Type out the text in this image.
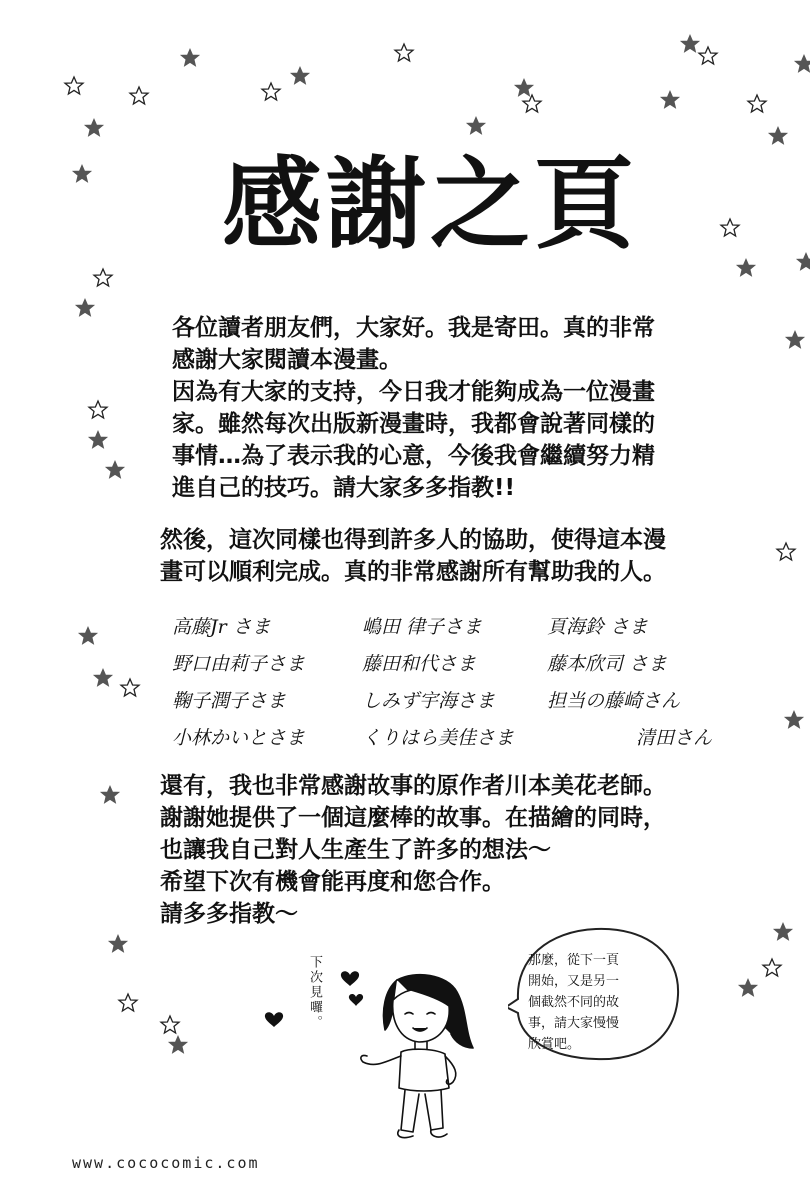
感謝之頁
各位讀者朋友們，大家好。我是寄田。真的非常
感謝大家閱讀本漫畫。
因為有大家的支持，今日我才能夠成為一位漫畫
家。雖然每次出版新漫畫時，我都會說著同樣的
事情…為了表示我的心意，今後我會繼續努力精
進自己的技巧。請大家多多指教!!
然後，這次同樣也得到許多人的協助，使得這本漫
畫可以順利完成。真的非常感謝所有幫助我的人。
高藤Jr さま	嶋田 律子さま	頁海鈴 さま
野口由莉子さま	藤田和代さま	藤本欣司 さま
鞠子潤子さま	しみず宇海さま	担当の藤崎さん
小林かいとさま	くりはら美佳さま	清田さん
還有，我也非常感謝故事的原作者川本美花老師。
謝謝她提供了一個這麼棒的故事。在描繪的同時，
也讓我自己對人生產生了許多的想法～
希望下次有機會能再度和您合作。
請多多指教～
那麼，從下一頁
開始，又是另一
個截然不同的故
事，請大家慢慢
欣賞吧。
下次見囉。
www.cococomic.com
